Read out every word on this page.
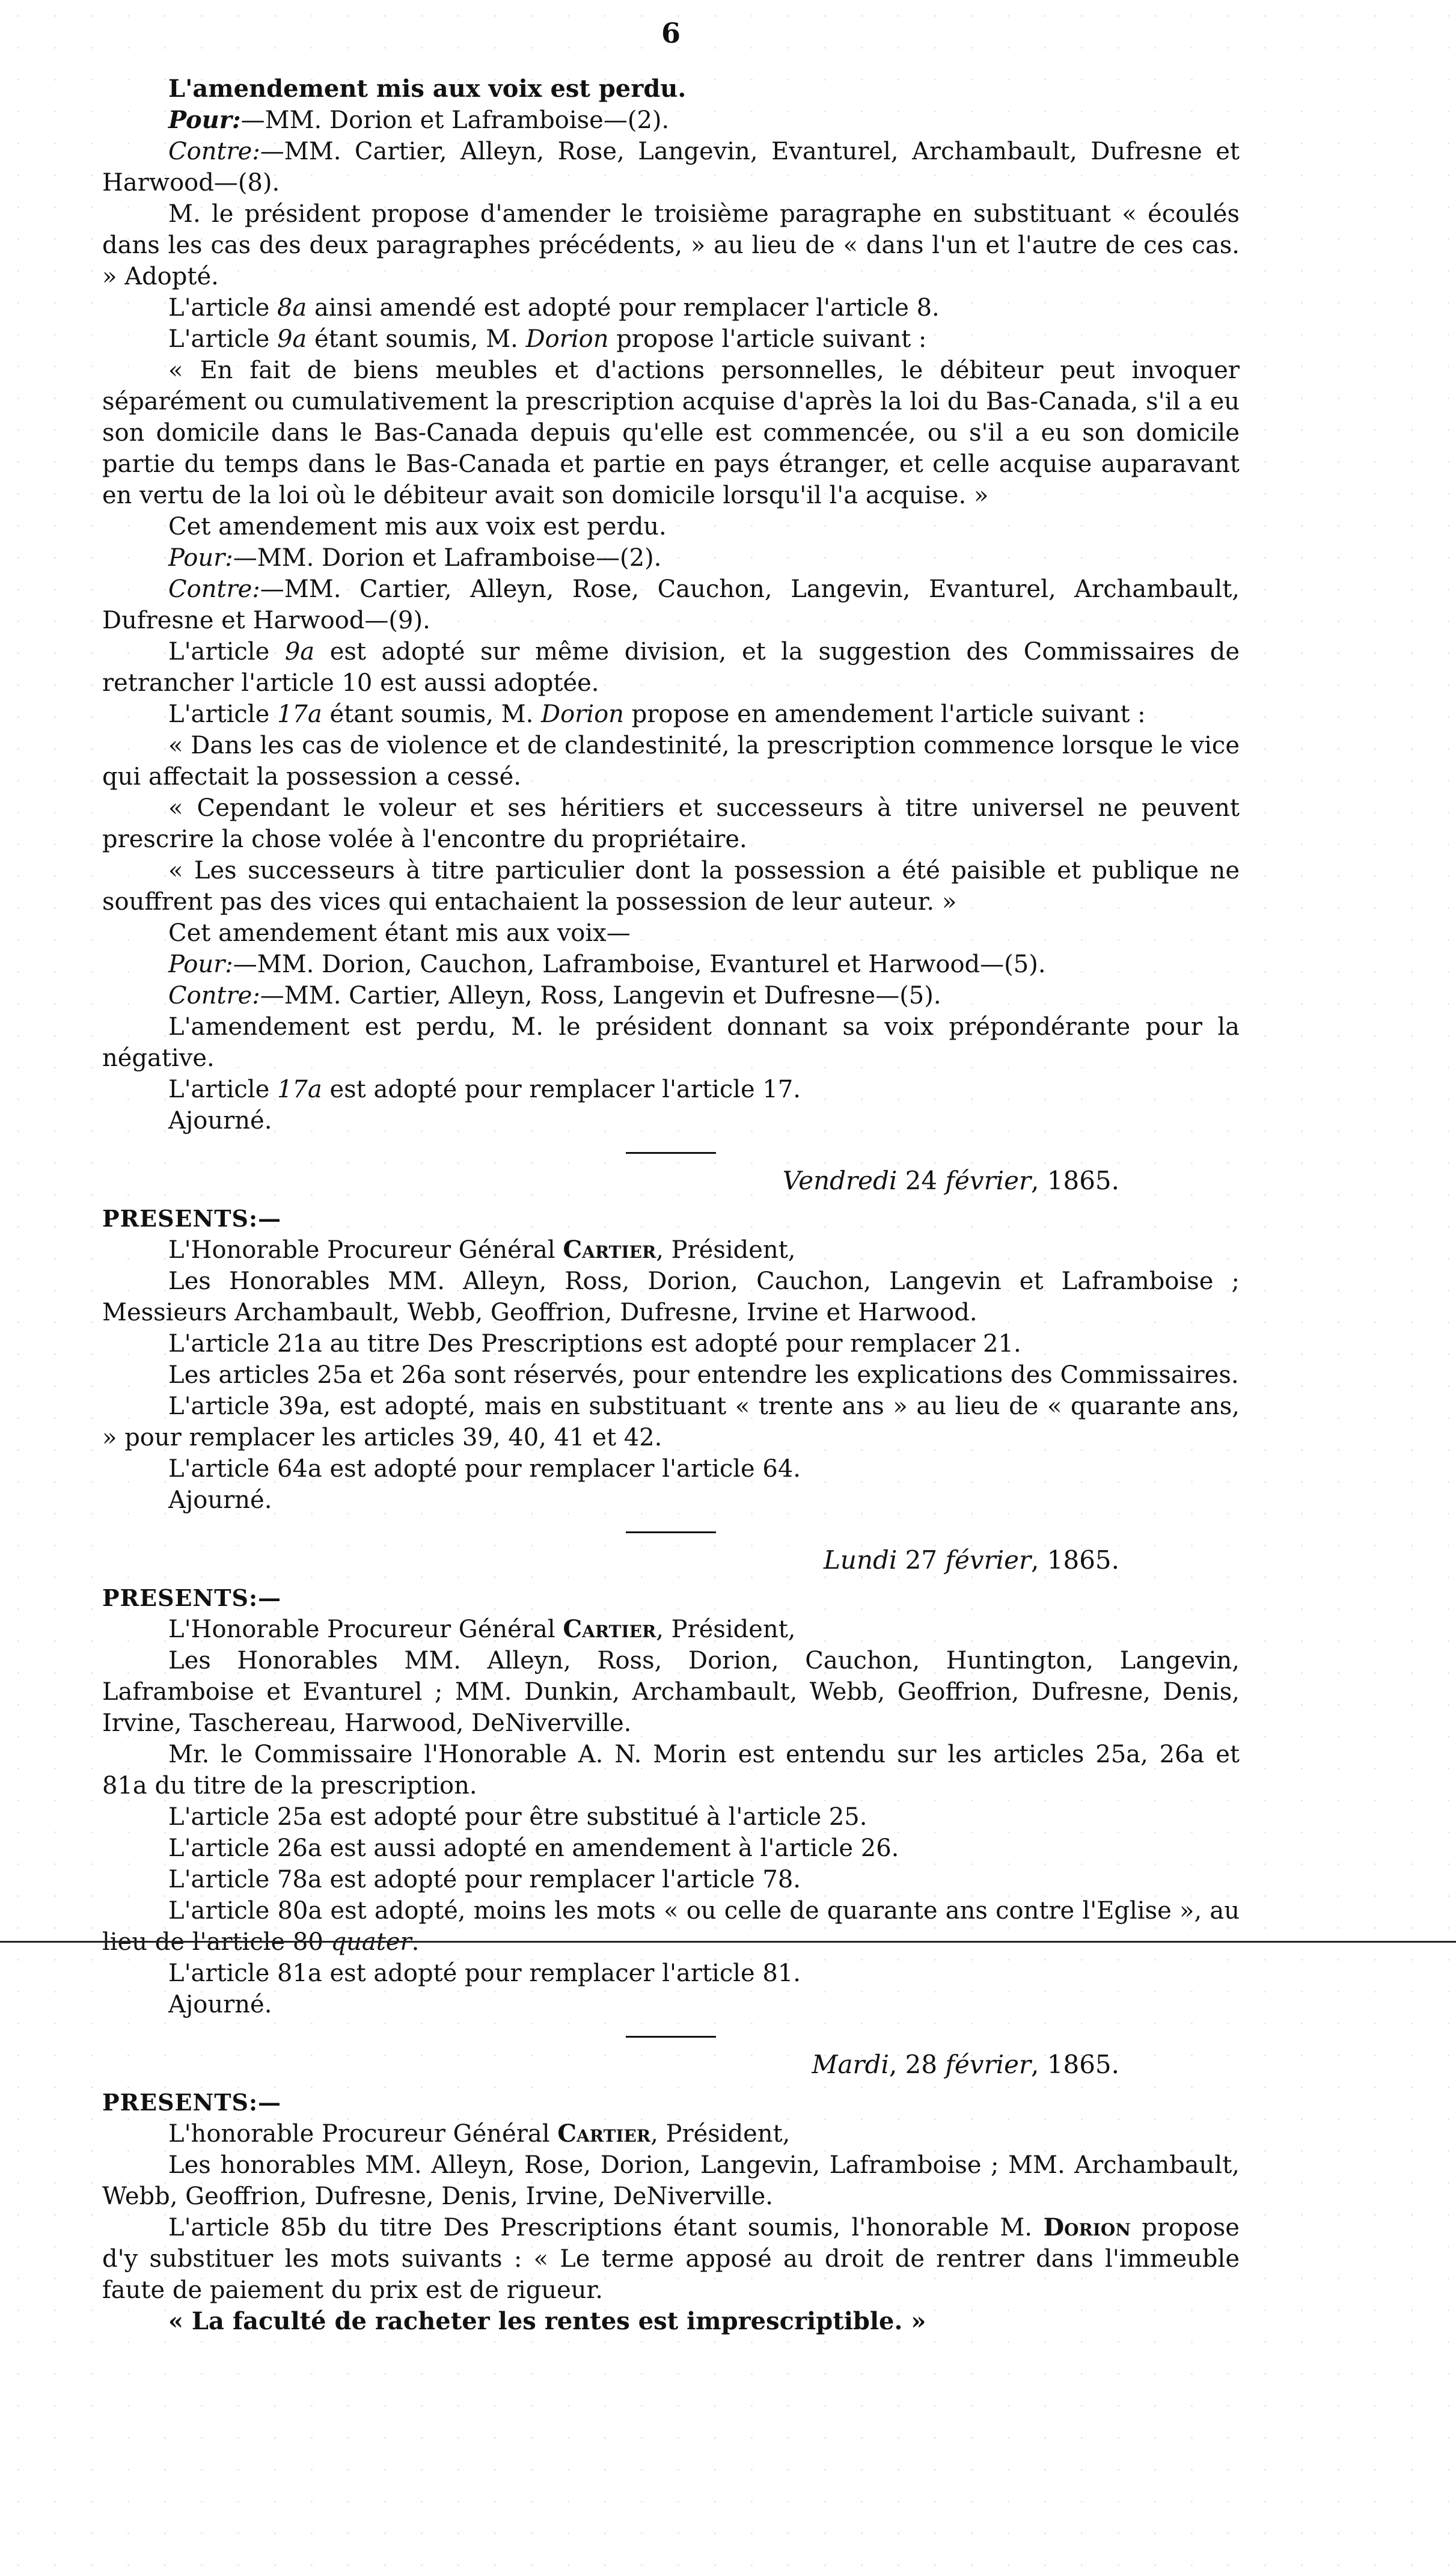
6

L'amendement mis aux voix est perdu.

Pour:—MM. Dorion et Laframboise—(2).

Contre:—MM. Cartier, Alleyn, Rose, Langevin, Evanturel, Archambault, Dufresne et Harwood—(8).

M. le président propose d'amender le troisième paragraphe en substituant « écoulés dans les cas des deux paragraphes précédents, » au lieu de « dans l'un et l'autre de ces cas. » Adopté.

L'article 8a ainsi amendé est adopté pour remplacer l'article 8.

L'article 9a étant soumis, M. Dorion propose l'article suivant :

« En fait de biens meubles et d'actions personnelles, le débiteur peut invoquer séparément ou cumulativement la prescription acquise d'après la loi du Bas-Canada, s'il a eu son domicile dans le Bas-Canada depuis qu'elle est commencée, ou s'il a eu son domicile partie du temps dans le Bas-Canada et partie en pays étranger, et celle acquise auparavant en vertu de la loi où le débiteur avait son domicile lorsqu'il l'a acquise. »

Cet amendement mis aux voix est perdu.

Pour:—MM. Dorion et Laframboise—(2).

Contre:—MM. Cartier, Alleyn, Rose, Cauchon, Langevin, Evanturel, Archambault, Dufresne et Harwood—(9).

L'article 9a est adopté sur même division, et la suggestion des Commissaires de retrancher l'article 10 est aussi adoptée.

L'article 17a étant soumis, M. Dorion propose en amendement l'article suivant :

« Dans les cas de violence et de clandestinité, la prescription commence lorsque le vice qui affectait la possession a cessé.

« Cependant le voleur et ses héritiers et successeurs à titre universel ne peuvent prescrire la chose volée à l'encontre du propriétaire.

« Les successeurs à titre particulier dont la possession a été paisible et publique ne souffrent pas des vices qui entachaient la possession de leur auteur. »

Cet amendement étant mis aux voix—

Pour:—MM. Dorion, Cauchon, Laframboise, Evanturel et Harwood—(5).

Contre:—MM. Cartier, Alleyn, Ross, Langevin et Dufresne—(5).

L'amendement est perdu, M. le président donnant sa voix prépondérante pour la négative.

L'article 17a est adopté pour remplacer l'article 17.

Ajourné.

Vendredi 24 février, 1865.

PRESENTS:—

L'Honorable Procureur Général Cartier, Président,

Les Honorables MM. Alleyn, Ross, Dorion, Cauchon, Langevin et Laframboise ; Messieurs Archambault, Webb, Geoffrion, Dufresne, Irvine et Harwood.

L'article 21a au titre Des Prescriptions est adopté pour remplacer 21.

Les articles 25a et 26a sont réservés, pour entendre les explications des Commissaires.

L'article 39a, est adopté, mais en substituant « trente ans » au lieu de « quarante ans, » pour remplacer les articles 39, 40, 41 et 42.

L'article 64a est adopté pour remplacer l'article 64.

Ajourné.

Lundi 27 février, 1865.

PRESENTS:—

L'Honorable Procureur Général Cartier, Président,

Les Honorables MM. Alleyn, Ross, Dorion, Cauchon, Huntington, Langevin, Laframboise et Evanturel ; MM. Dunkin, Archambault, Webb, Geoffrion, Dufresne, Denis, Irvine, Taschereau, Harwood, DeNiverville.

Mr. le Commissaire l'Honorable A. N. Morin est entendu sur les articles 25a, 26a et 81a du titre de la prescription.

L'article 25a est adopté pour être substitué à l'article 25.

L'article 26a est aussi adopté en amendement à l'article 26.

L'article 78a est adopté pour remplacer l'article 78.

L'article 80a est adopté, moins les mots « ou celle de quarante ans contre l'Eglise », au lieu de l'article 80 quater.

L'article 81a est adopté pour remplacer l'article 81.

Ajourné.

Mardi, 28 février, 1865.

PRESENTS:—

L'honorable Procureur Général Cartier, Président,

Les honorables MM. Alleyn, Rose, Dorion, Langevin, Laframboise ; MM. Archambault, Webb, Geoffrion, Dufresne, Denis, Irvine, DeNiverville.

L'article 85b du titre Des Prescriptions étant soumis, l'honorable M. Dorion propose d'y substituer les mots suivants : « Le terme apposé au droit de rentrer dans l'immeuble faute de paiement du prix est de rigueur.

« La faculté de racheter les rentes est imprescriptible. »
